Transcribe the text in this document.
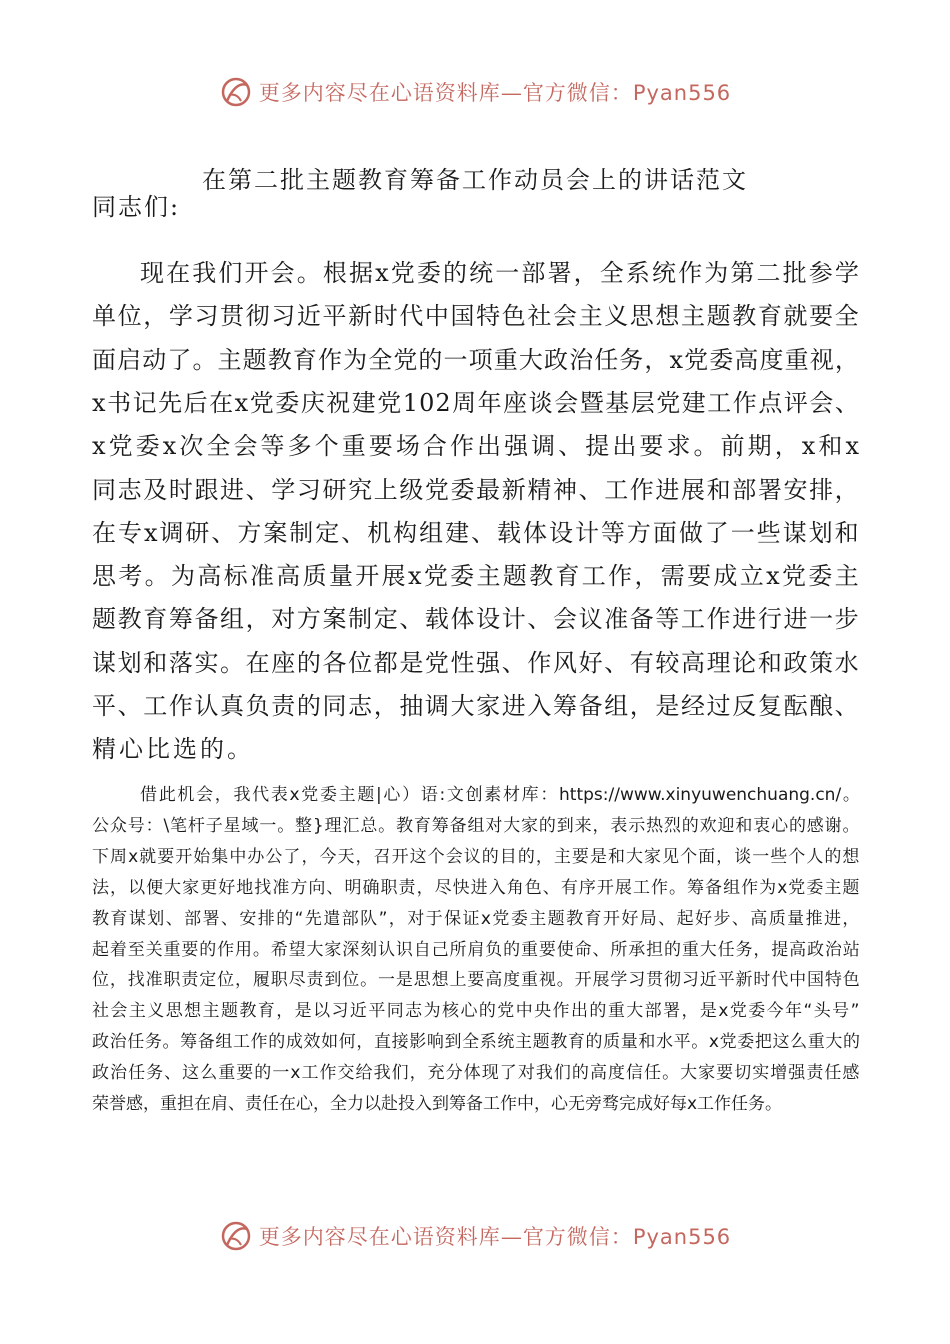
更多内容尽在心语资料库—官方微信：Pyan556
在第二批主题教育筹备工作动员会上的讲话范文
同志们:
现 在 我 们 开 会 。 根 据 x 党 委 的 统 一 部 署 ， 全 系 统 作 为 第 二 批 参 学
单 位 ， 学 习 贯 彻 习 近 平 新 时 代 中 国 特 色 社 会 主 义 思 想 主 题 教 育 就 要 全
面 启 动 了 。 主 题 教 育 作 为 全 党 的 一 项 重 大 政 治 任 务 ， x 党 委 高 度 重 视 ，
x 书 记 先 后 在 x 党 委 庆 祝 建 党 102 周 年 座 谈 会 暨 基 层 党 建 工 作 点 评 会 、
x 党 委 x 次 全 会 等 多 个 重 要 场 合 作 出 强 调 、 提 出 要 求 。 前 期 ， x 和 x
同 志 及 时 跟 进 、 学 习 研 究 上 级 党 委 最 新 精 神 、 工 作 进 展 和 部 署 安 排 ，
在 专 x 调 研 、 方 案 制 定 、 机 构 组 建 、 载 体 设 计 等 方 面 做 了 一 些 谋 划 和
思 考 。 为 高 标 准 高 质 量 开 展 x 党 委 主 题 教 育 工 作 ， 需 要 成 立 x 党 委 主
题 教 育 筹 备 组 ， 对 方 案 制 定 、 载 体 设 计 、 会 议 准 备 等 工 作 进 行 进 一 步
谋 划 和 落 实 。 在 座 的 各 位 都 是 党 性 强 、 作 风 好 、 有 较 高 理 论 和 政 策 水
平 、 工 作 认 真 负 责 的 同 志 ， 抽 调 大 家 进 入 筹 备 组 ， 是 经 过 反 复 酝 酿 、
精心比选的。
借 此 机 会 ， 我 代 表 x 党 委 主 题 | 心 ） 语 : 文 创 素 材 库 ： https://www.xinyuwenchuang.cn/ 。
公 众 号 ： \ 笔 杆 子 星 域 一 。 整 } 理 汇 总 。 教 育 筹 备 组 对 大 家 的 到 来 ， 表 示 热 烈 的 欢 迎 和 衷 心 的 感 谢 。
下 周 x 就 要 开 始 集 中 办 公 了 ， 今 天 ， 召 开 这 个 会 议 的 目 的 ， 主 要 是 和 大 家 见 个 面 ， 谈 一 些 个 人 的 想
法 ， 以 便 大 家 更 好 地 找 准 方 向 、 明 确 职 责 ， 尽 快 进 入 角 色 、 有 序 开 展 工 作 。 筹 备 组 作 为 x 党 委 主 题
教 育 谋 划 、 部 署 、 安 排 的 “ 先 遣 部 队 ” ， 对 于 保 证 x 党 委 主 题 教 育 开 好 局 、 起 好 步 、 高 质 量 推 进 ，
起 着 至 关 重 要 的 作 用 。 希 望 大 家 深 刻 认 识 自 己 所 肩 负 的 重 要 使 命 、 所 承 担 的 重 大 任 务 ， 提 高 政 治 站
位 ， 找 准 职 责 定 位 ， 履 职 尽 责 到 位 。 一 是 思 想 上 要 高 度 重 视 。 开 展 学 习 贯 彻 习 近 平 新 时 代 中 国 特 色
社 会 主 义 思 想 主 题 教 育 ， 是 以 习 近 平 同 志 为 核 心 的 党 中 央 作 出 的 重 大 部 署 ， 是 x 党 委 今 年 “ 头 号 ”
政 治 任 务 。 筹 备 组 工 作 的 成 效 如 何 ， 直 接 影 响 到 全 系 统 主 题 教 育 的 质 量 和 水 平 。 x 党 委 把 这 么 重 大 的
政 治 任 务 、 这 么 重 要 的 一 x 工 作 交 给 我 们 ， 充 分 体 现 了 对 我 们 的 高 度 信 任 。 大 家 要 切 实 增 强 责 任 感
荣誉感，重担在肩、责任在心，全力以赴投入到筹备工作中，心无旁骛完成好每x工作任务。
更多内容尽在心语资料库—官方微信：Pyan556
